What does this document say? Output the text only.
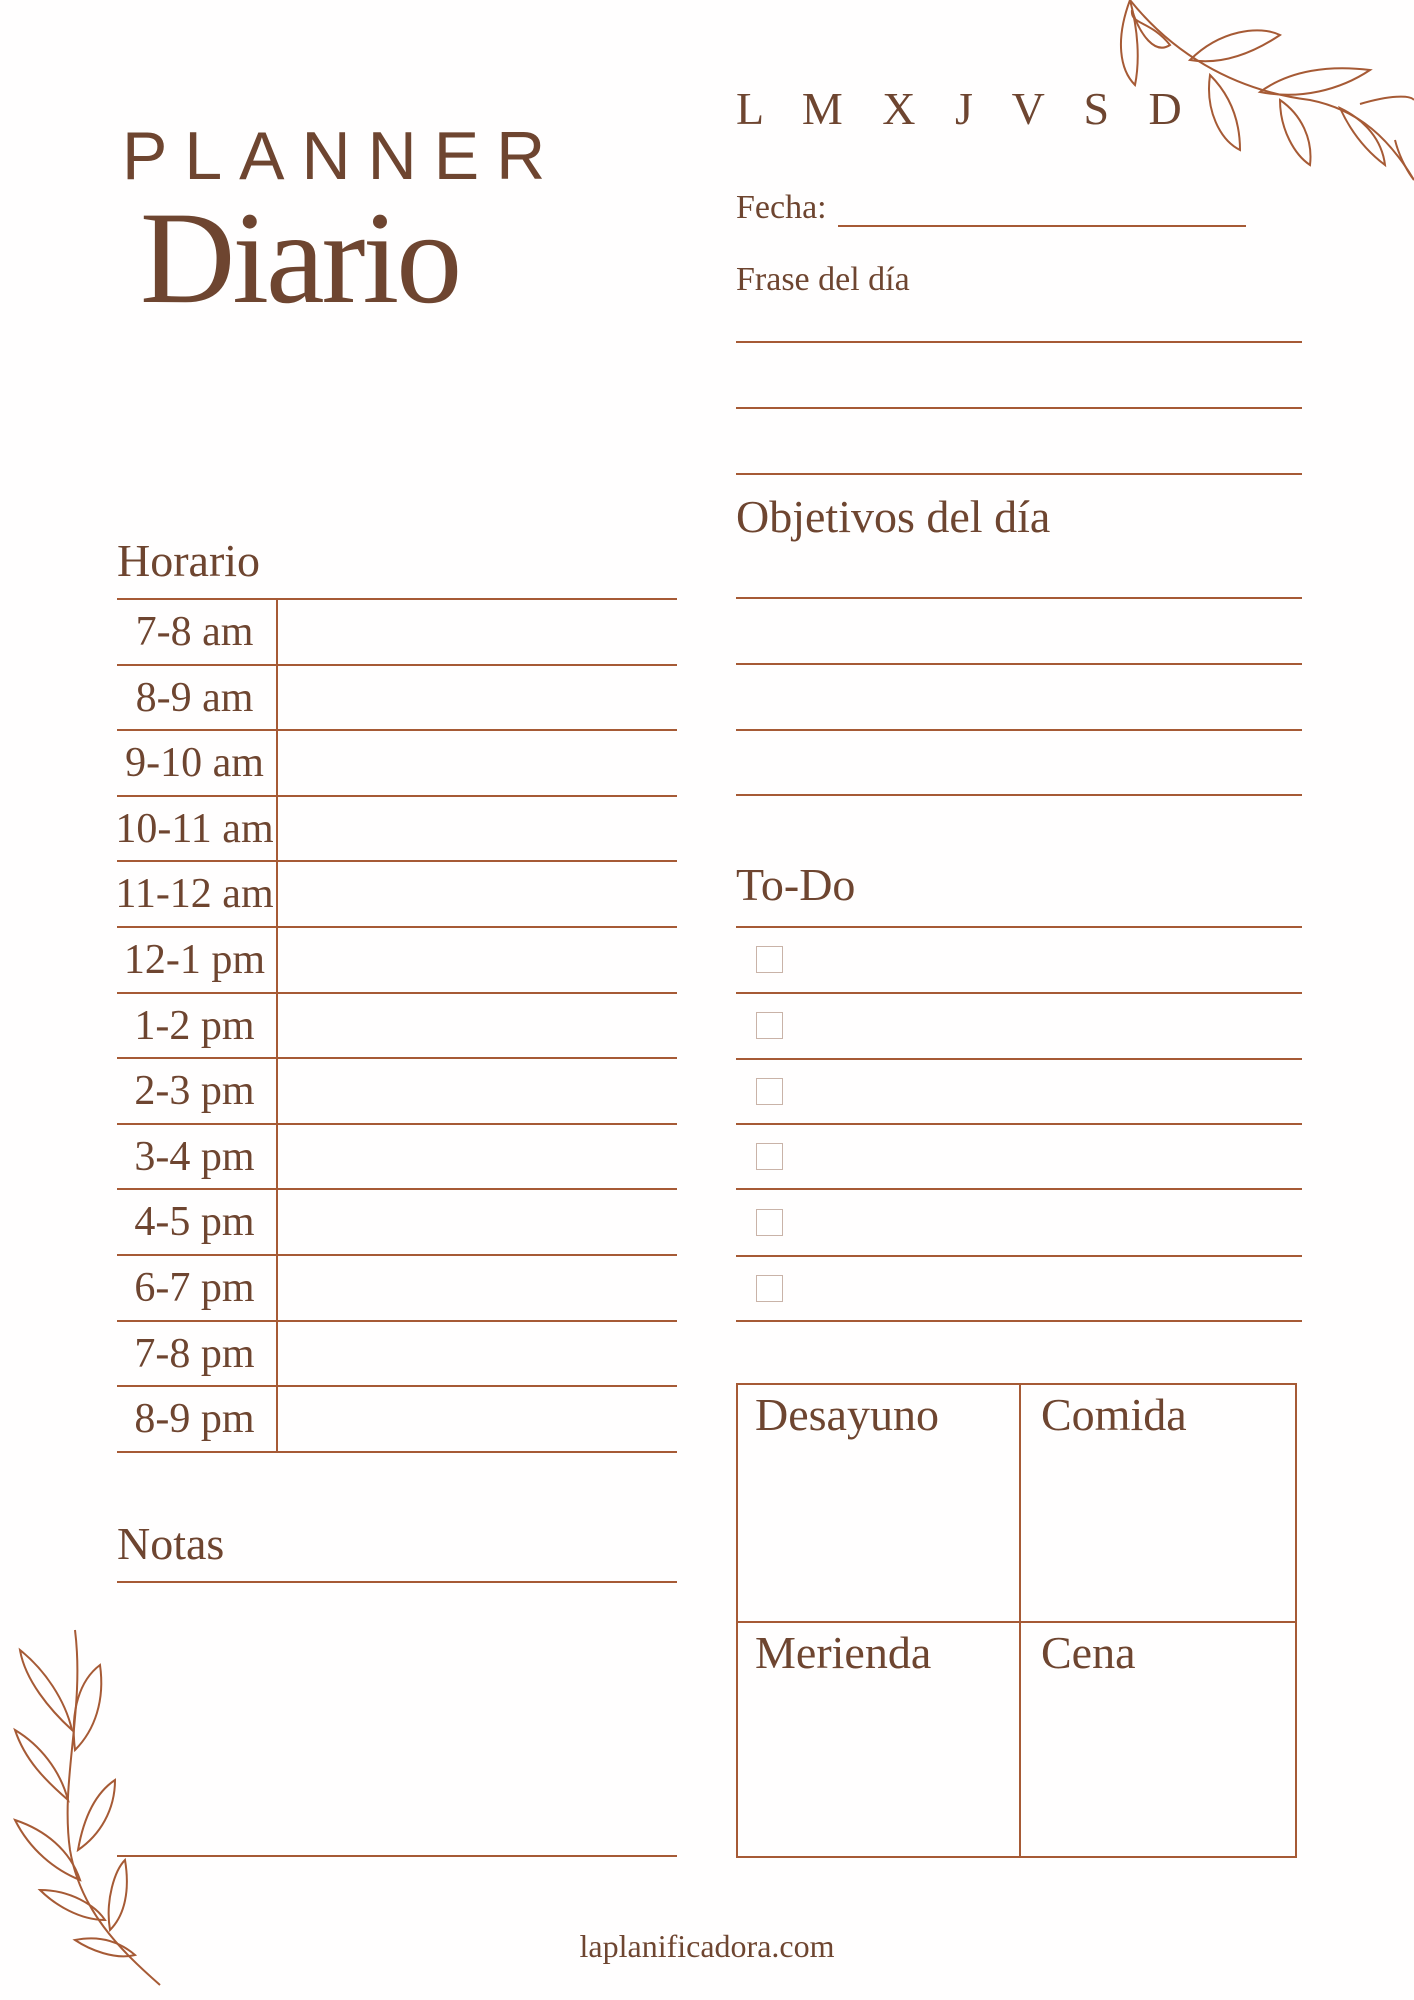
PLANNER
Diario
L M X J V S D
Fecha:
Frase del día
Objetivos del día
To-Do
Horario
7-8 am
8-9 am
9-10 am
10-11 am
11-12 am
12-1 pm
1-2 pm
2-3 pm
3-4 pm
4-5 pm
6-7 pm
7-8 pm
8-9 pm
Notas
Desayuno Comida
Merienda Cena
laplanificadora.com
